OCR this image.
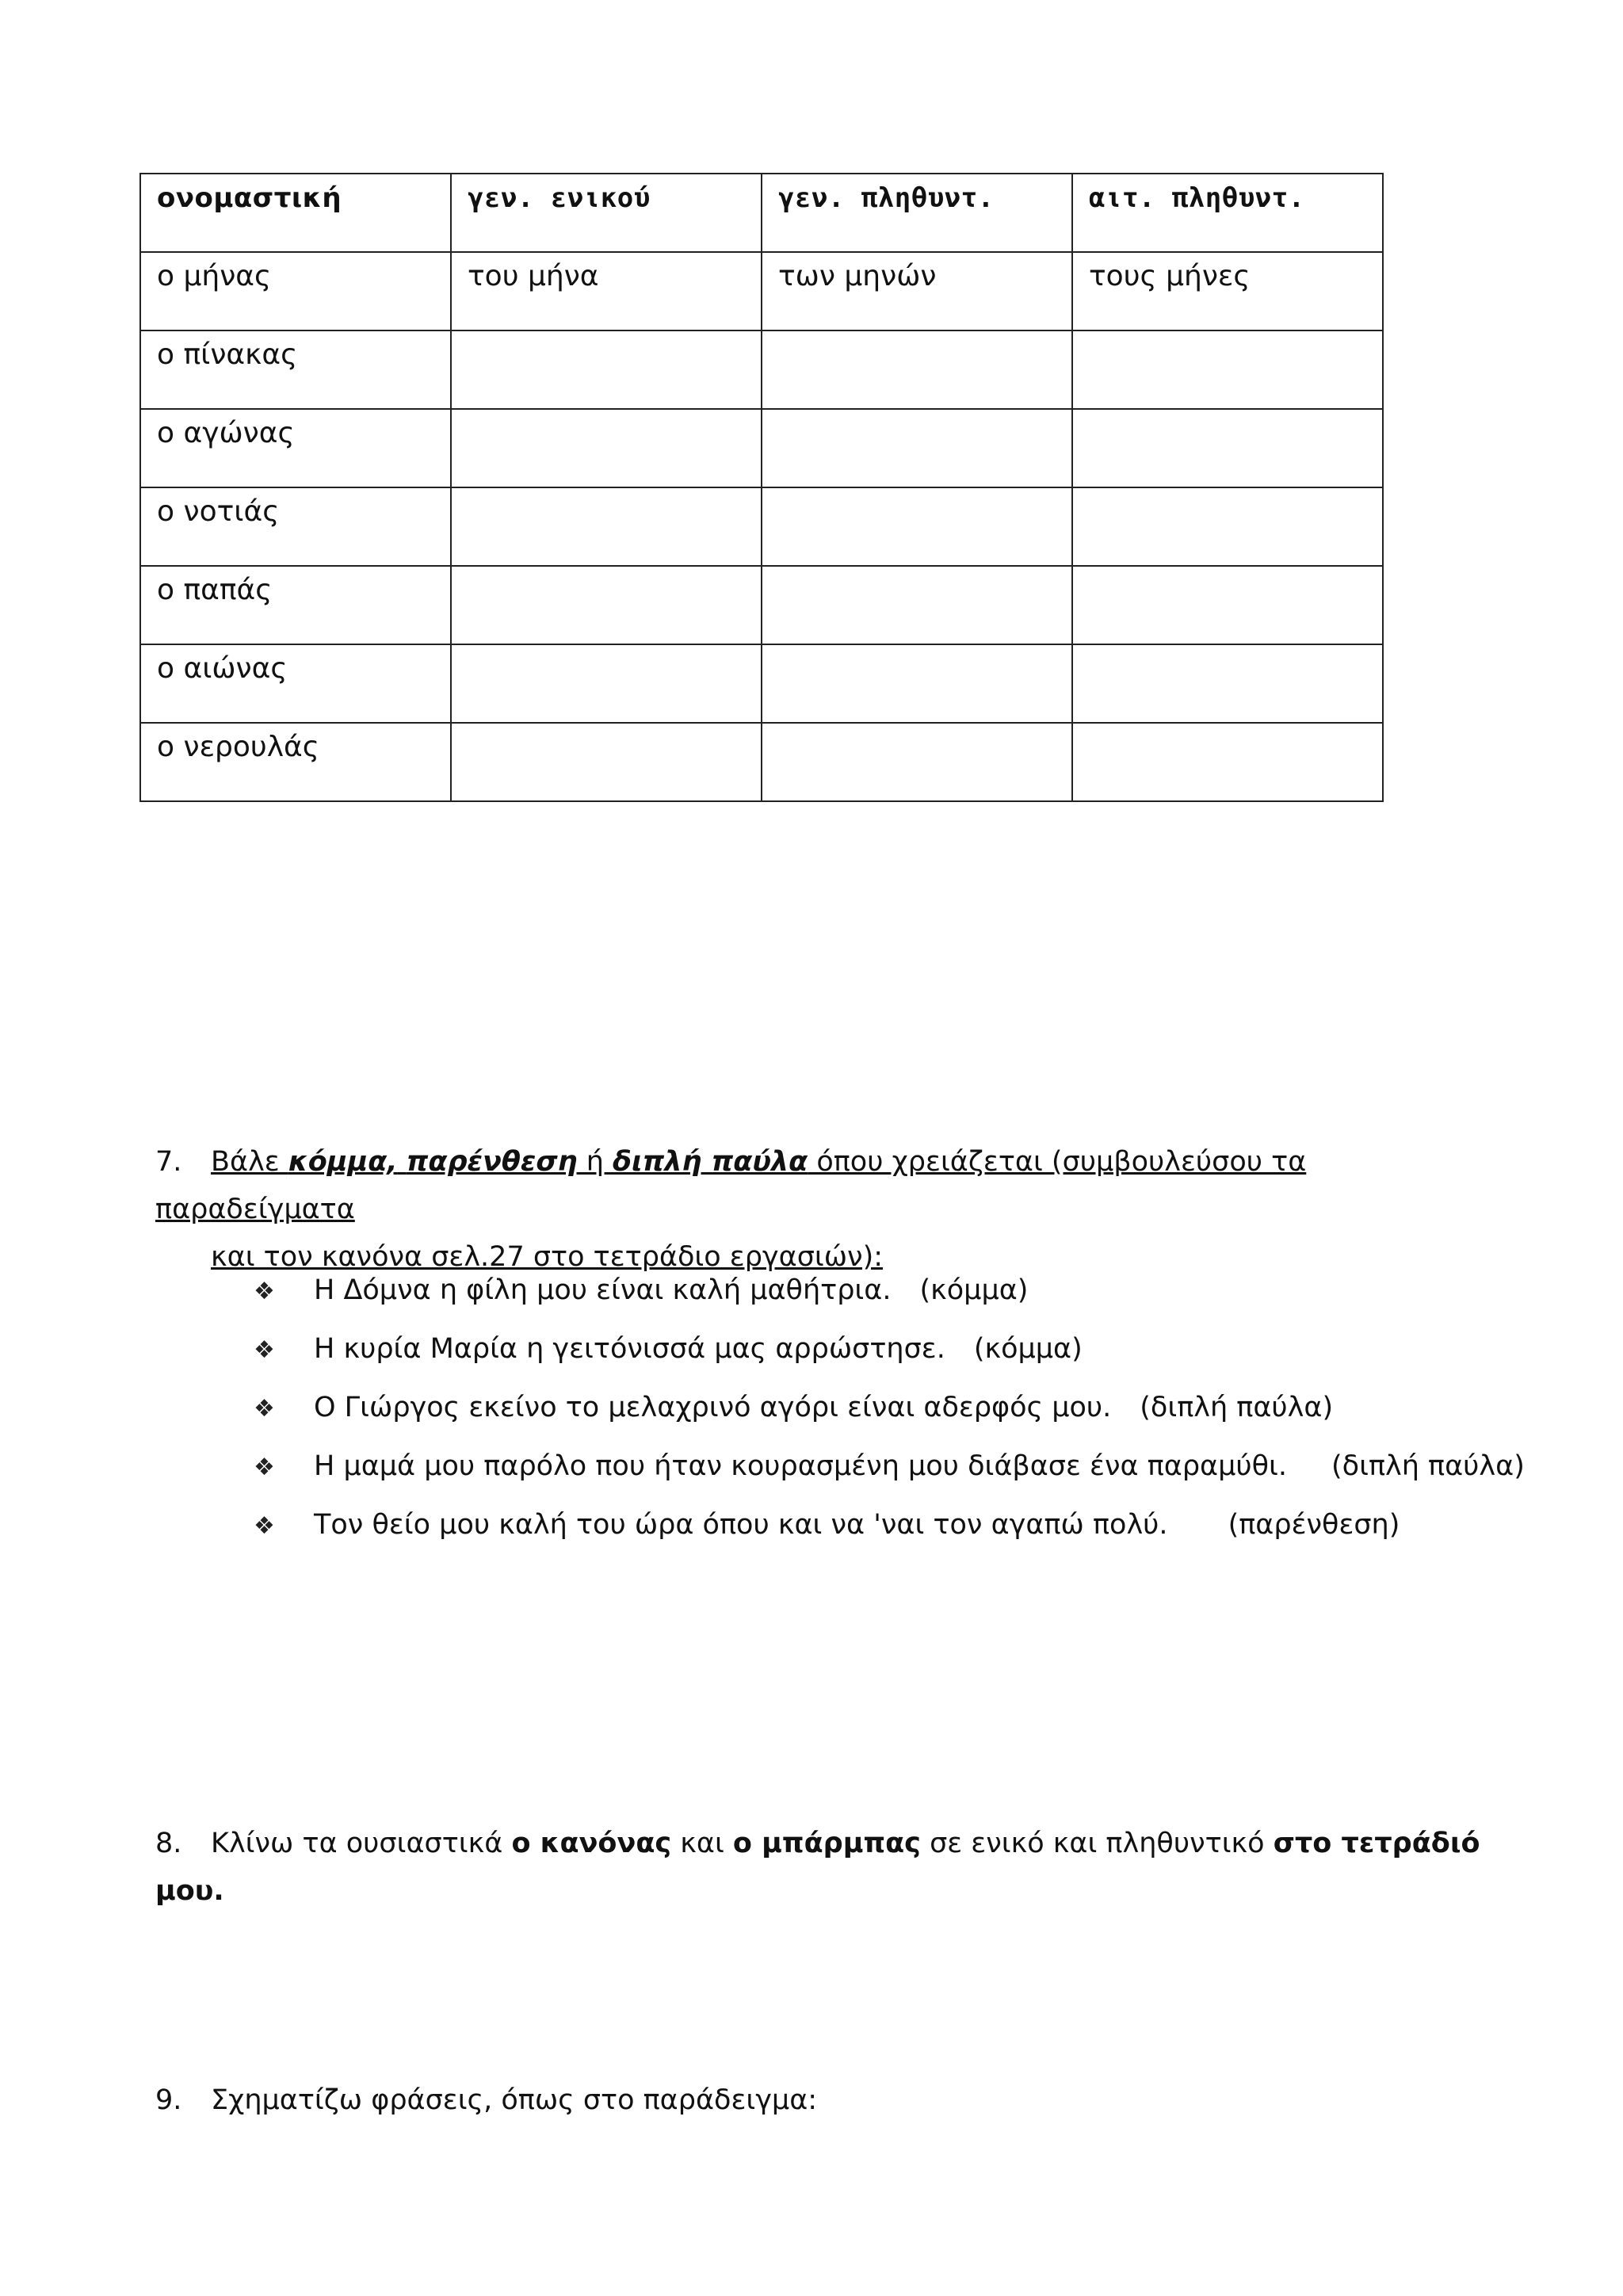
ονομαστική	γεν. ενικού	γεν. πληθυντ.	αιτ. πληθυντ.
ο μήνας	του μήνα	των μηνών	τους μήνες
ο πίνακας			
ο αγώνας			
ο νοτιάς			
ο παπάς			
ο αιώνας			
ο νερουλάς			
7. Βάλε κόμμα, παρένθεση ή διπλή παύλα όπου χρειάζεται (συμβουλεύσου τα παραδείγματα
και τον κανόνα σελ.27 στο τετράδιο εργασιών):
❖ Η Δόμνα η φίλη μου είναι καλή μαθήτρια. (κόμμα)
❖ Η κυρία Μαρία η γειτόνισσά μας αρρώστησε. (κόμμα)
❖ Ο Γιώργος εκείνο το μελαχρινό αγόρι είναι αδερφός μου. (διπλή παύλα)
❖ Η μαμά μου παρόλο που ήταν κουρασμένη μου διάβασε ένα παραμύθι. (διπλή παύλα)
❖ Τον θείο μου καλή του ώρα όπου και να 'ναι τον αγαπώ πολύ. (παρένθεση)
8. Κλίνω τα ουσιαστικά ο κανόνας και ο μπάρμπας σε ενικό και πληθυντικό στο τετράδιό μου.
9. Σχηματίζω φράσεις, όπως στο παράδειγμα:
